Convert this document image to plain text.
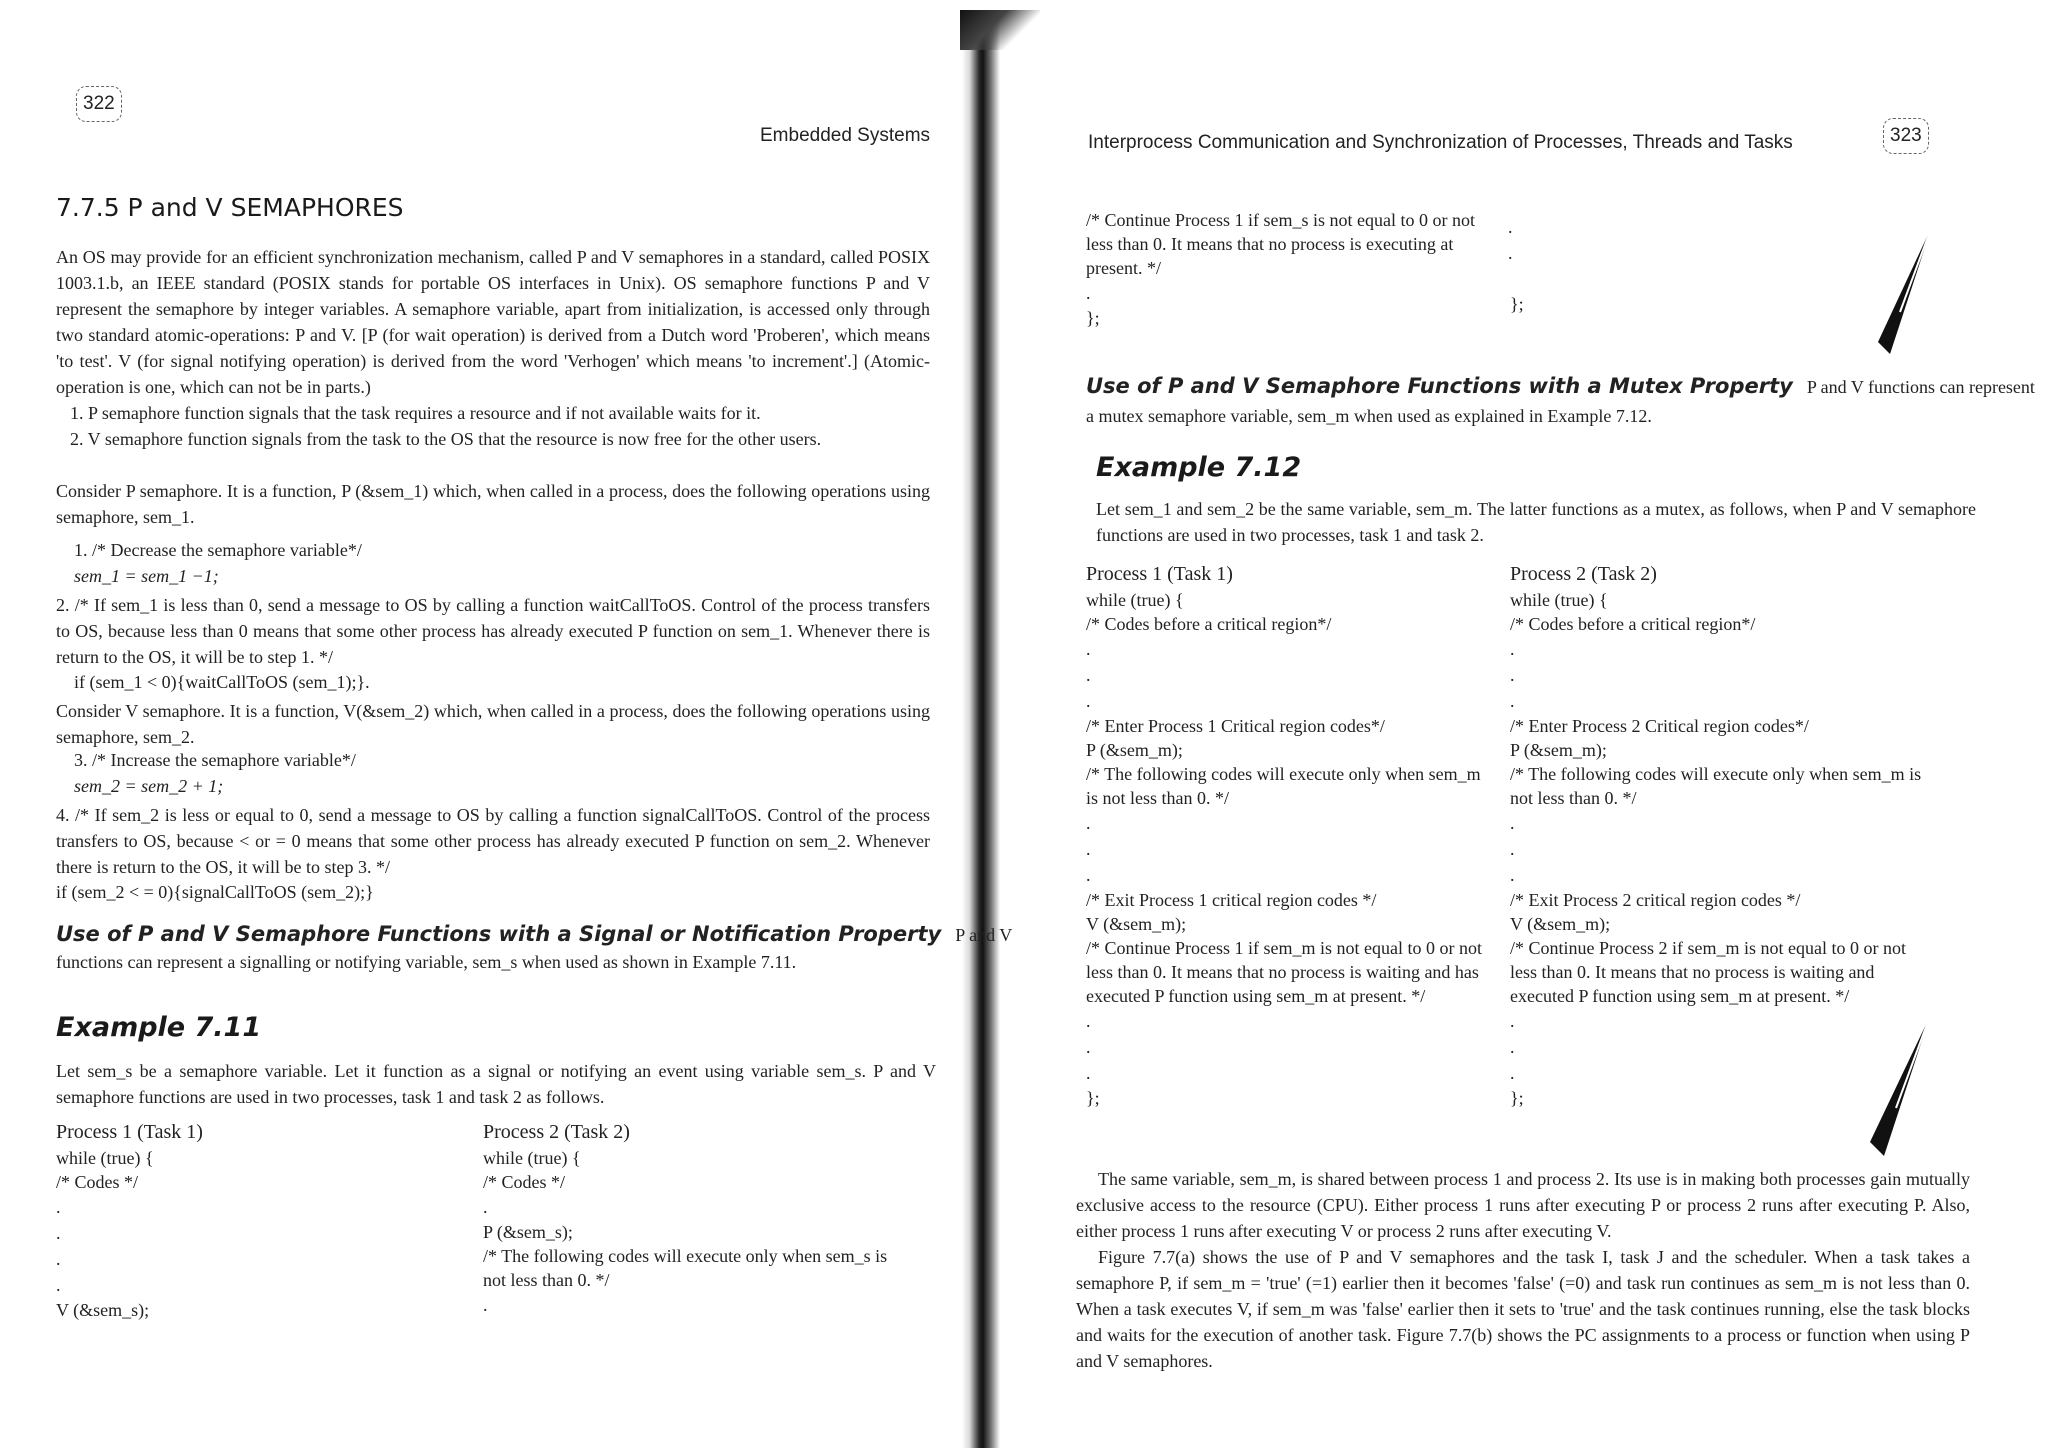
322
Embedded Systems
7.7.5 P and V SEMAPHORES
An OS may provide for an efficient synchronization mechanism, called P and V semaphores in a standard, called POSIX 1003.1.b, an IEEE standard (POSIX stands for portable OS interfaces in Unix). OS semaphore functions P and V represent the semaphore by integer variables. A semaphore variable, apart from initialization, is accessed only through two standard atomic-operations: P and V. [P (for wait operation) is derived from a Dutch word 'Proberen', which means 'to test'. V (for signal notifying operation) is derived from the word 'Verhogen' which means 'to increment'.] (Atomic-operation is one, which can not be in parts.)
1. P semaphore function signals that the task requires a resource and if not available waits for it.
2. V semaphore function signals from the task to the OS that the resource is now free for the other users.
Consider P semaphore. It is a function, P (&sem_1) which, when called in a process, does the following operations using semaphore, sem_1.
1. /* Decrease the semaphore variable*/
sem_1 = sem_1 −1;
2. /* If sem_1 is less than 0, send a message to OS by calling a function waitCallToOS. Control of the process transfers to OS, because less than 0 means that some other process has already executed P function on sem_1. Whenever there is return to the OS, it will be to step 1. */
if (sem_1 < 0){waitCallToOS (sem_1);}.
Consider V semaphore. It is a function, V(&sem_2) which, when called in a process, does the following operations using semaphore, sem_2.
3. /* Increase the semaphore variable*/
sem_2 = sem_2 + 1;
4. /* If sem_2 is less or equal to 0, send a message to OS by calling a function signalCallToOS. Control of the process transfers to OS, because < or = 0 means that some other process has already executed P function on sem_2. Whenever there is return to the OS, it will be to step 3. */
if (sem_2 < = 0){signalCallToOS (sem_2);}
Use of P and V Semaphore Functions with a Signal or Notification Property P and V
functions can represent a signalling or notifying variable, sem_s when used as shown in Example 7.11.
Example 7.11
Let sem_s be a semaphore variable. Let it function as a signal or notifying an event using variable sem_s. P and V semaphore functions are used in two processes, task 1 and task 2 as follows.
Process 1 (Task 1)
while (true) {
/* Codes */
.
.
.
.
V (&sem_s);
Process 2 (Task 2)
while (true) {
/* Codes */
.
P (&sem_s);
/* The following codes will execute only when sem_s is not less than 0. */
.
Interprocess Communication and Synchronization of Processes, Threads and Tasks	323
/* Continue Process 1 if sem_s is not equal to 0 or not less than 0. It means that no process is executing at present. */
.
};
.
.
};
Use of P and V Semaphore Functions with a Mutex Property P and V functions can represent
a mutex semaphore variable, sem_m when used as explained in Example 7.12.
Example 7.12
Let sem_1 and sem_2 be the same variable, sem_m. The latter functions as a mutex, as follows, when P and V semaphore functions are used in two processes, task 1 and task 2.
Process 1 (Task 1)
while (true) {
/* Codes before a critical region*/
.
.
.
/* Enter Process 1 Critical region codes*/
P (&sem_m);
/* The following codes will execute only when sem_m is not less than 0. */
.
.
.
/* Exit Process 1 critical region codes */
V (&sem_m);
/* Continue Process 1 if sem_m is not equal to 0 or not less than 0. It means that no process is waiting and has executed P function using sem_m at present. */
.
.
.
};
Process 2 (Task 2)
while (true) {
/* Codes before a critical region*/
.
.
.
/* Enter Process 2 Critical region codes*/
P (&sem_m);
/* The following codes will execute only when sem_m is not less than 0. */
.
.
.
/* Exit Process 2 critical region codes */
V (&sem_m);
/* Continue Process 2 if sem_m is not equal to 0 or not less than 0. It means that no process is waiting and executed P function using sem_m at present. */
.
.
.
};
The same variable, sem_m, is shared between process 1 and process 2. Its use is in making both processes gain mutually exclusive access to the resource (CPU). Either process 1 runs after executing P or process 2 runs after executing P. Also, either process 1 runs after executing V or process 2 runs after executing V.
Figure 7.7(a) shows the use of P and V semaphores and the task I, task J and the scheduler. When a task takes a semaphore P, if sem_m = 'true' (=1) earlier then it becomes 'false' (=0) and task run continues as sem_m is not less than 0. When a task executes V, if sem_m was 'false' earlier then it sets to 'true' and the task continues running, else the task blocks and waits for the execution of another task. Figure 7.7(b) shows the PC assignments to a process or function when using P and V semaphores.
